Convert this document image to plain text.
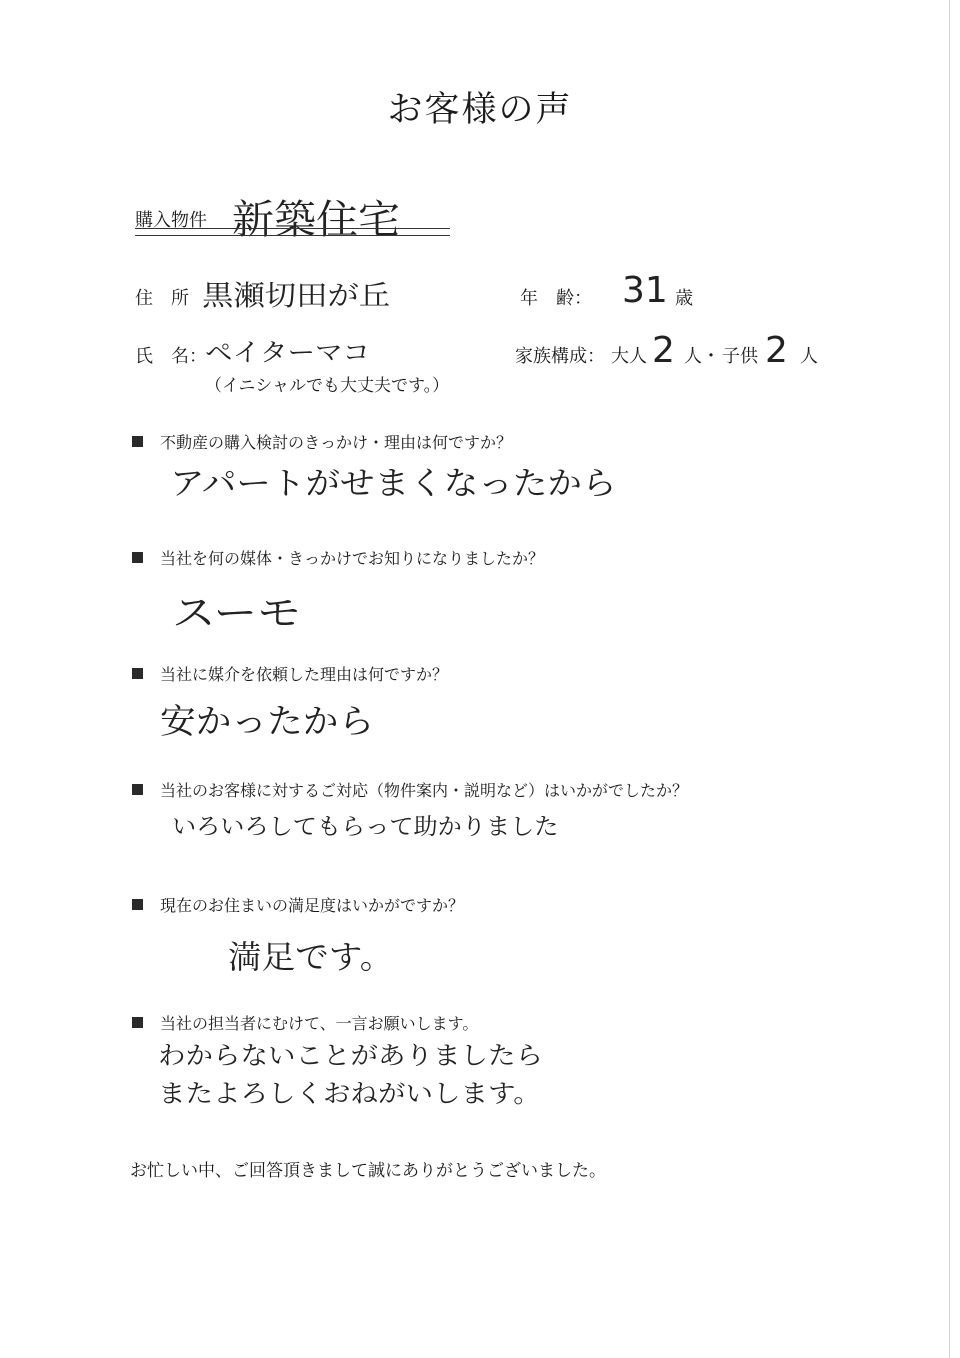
お客様の声
購入物件 新築住宅
住　所 黒瀬切田が丘	年　齢： 31 歳
氏　名：
ペイターマコ
（イニシャルでも大丈夫です。）
家族構成： 大人 2 人・ 子供 2 人
不動産の購入検討のきっかけ・理由は何ですか？
アパートがせまくなったから
当社を何の媒体・きっかけでお知りになりましたか？
スーモ
当社に媒介を依頼した理由は何ですか？
安かったから
当社のお客様に対するご対応（物件案内・説明など）はいかがでしたか？
いろいろしてもらって助かりました
現在のお住まいの満足度はいかがですか？
満足です。
当社の担当者にむけて、一言お願いします。
わからないことがありましたら
またよろしくおねがいします。
お忙しい中、ご回答頂きまして誠にありがとうございました。
